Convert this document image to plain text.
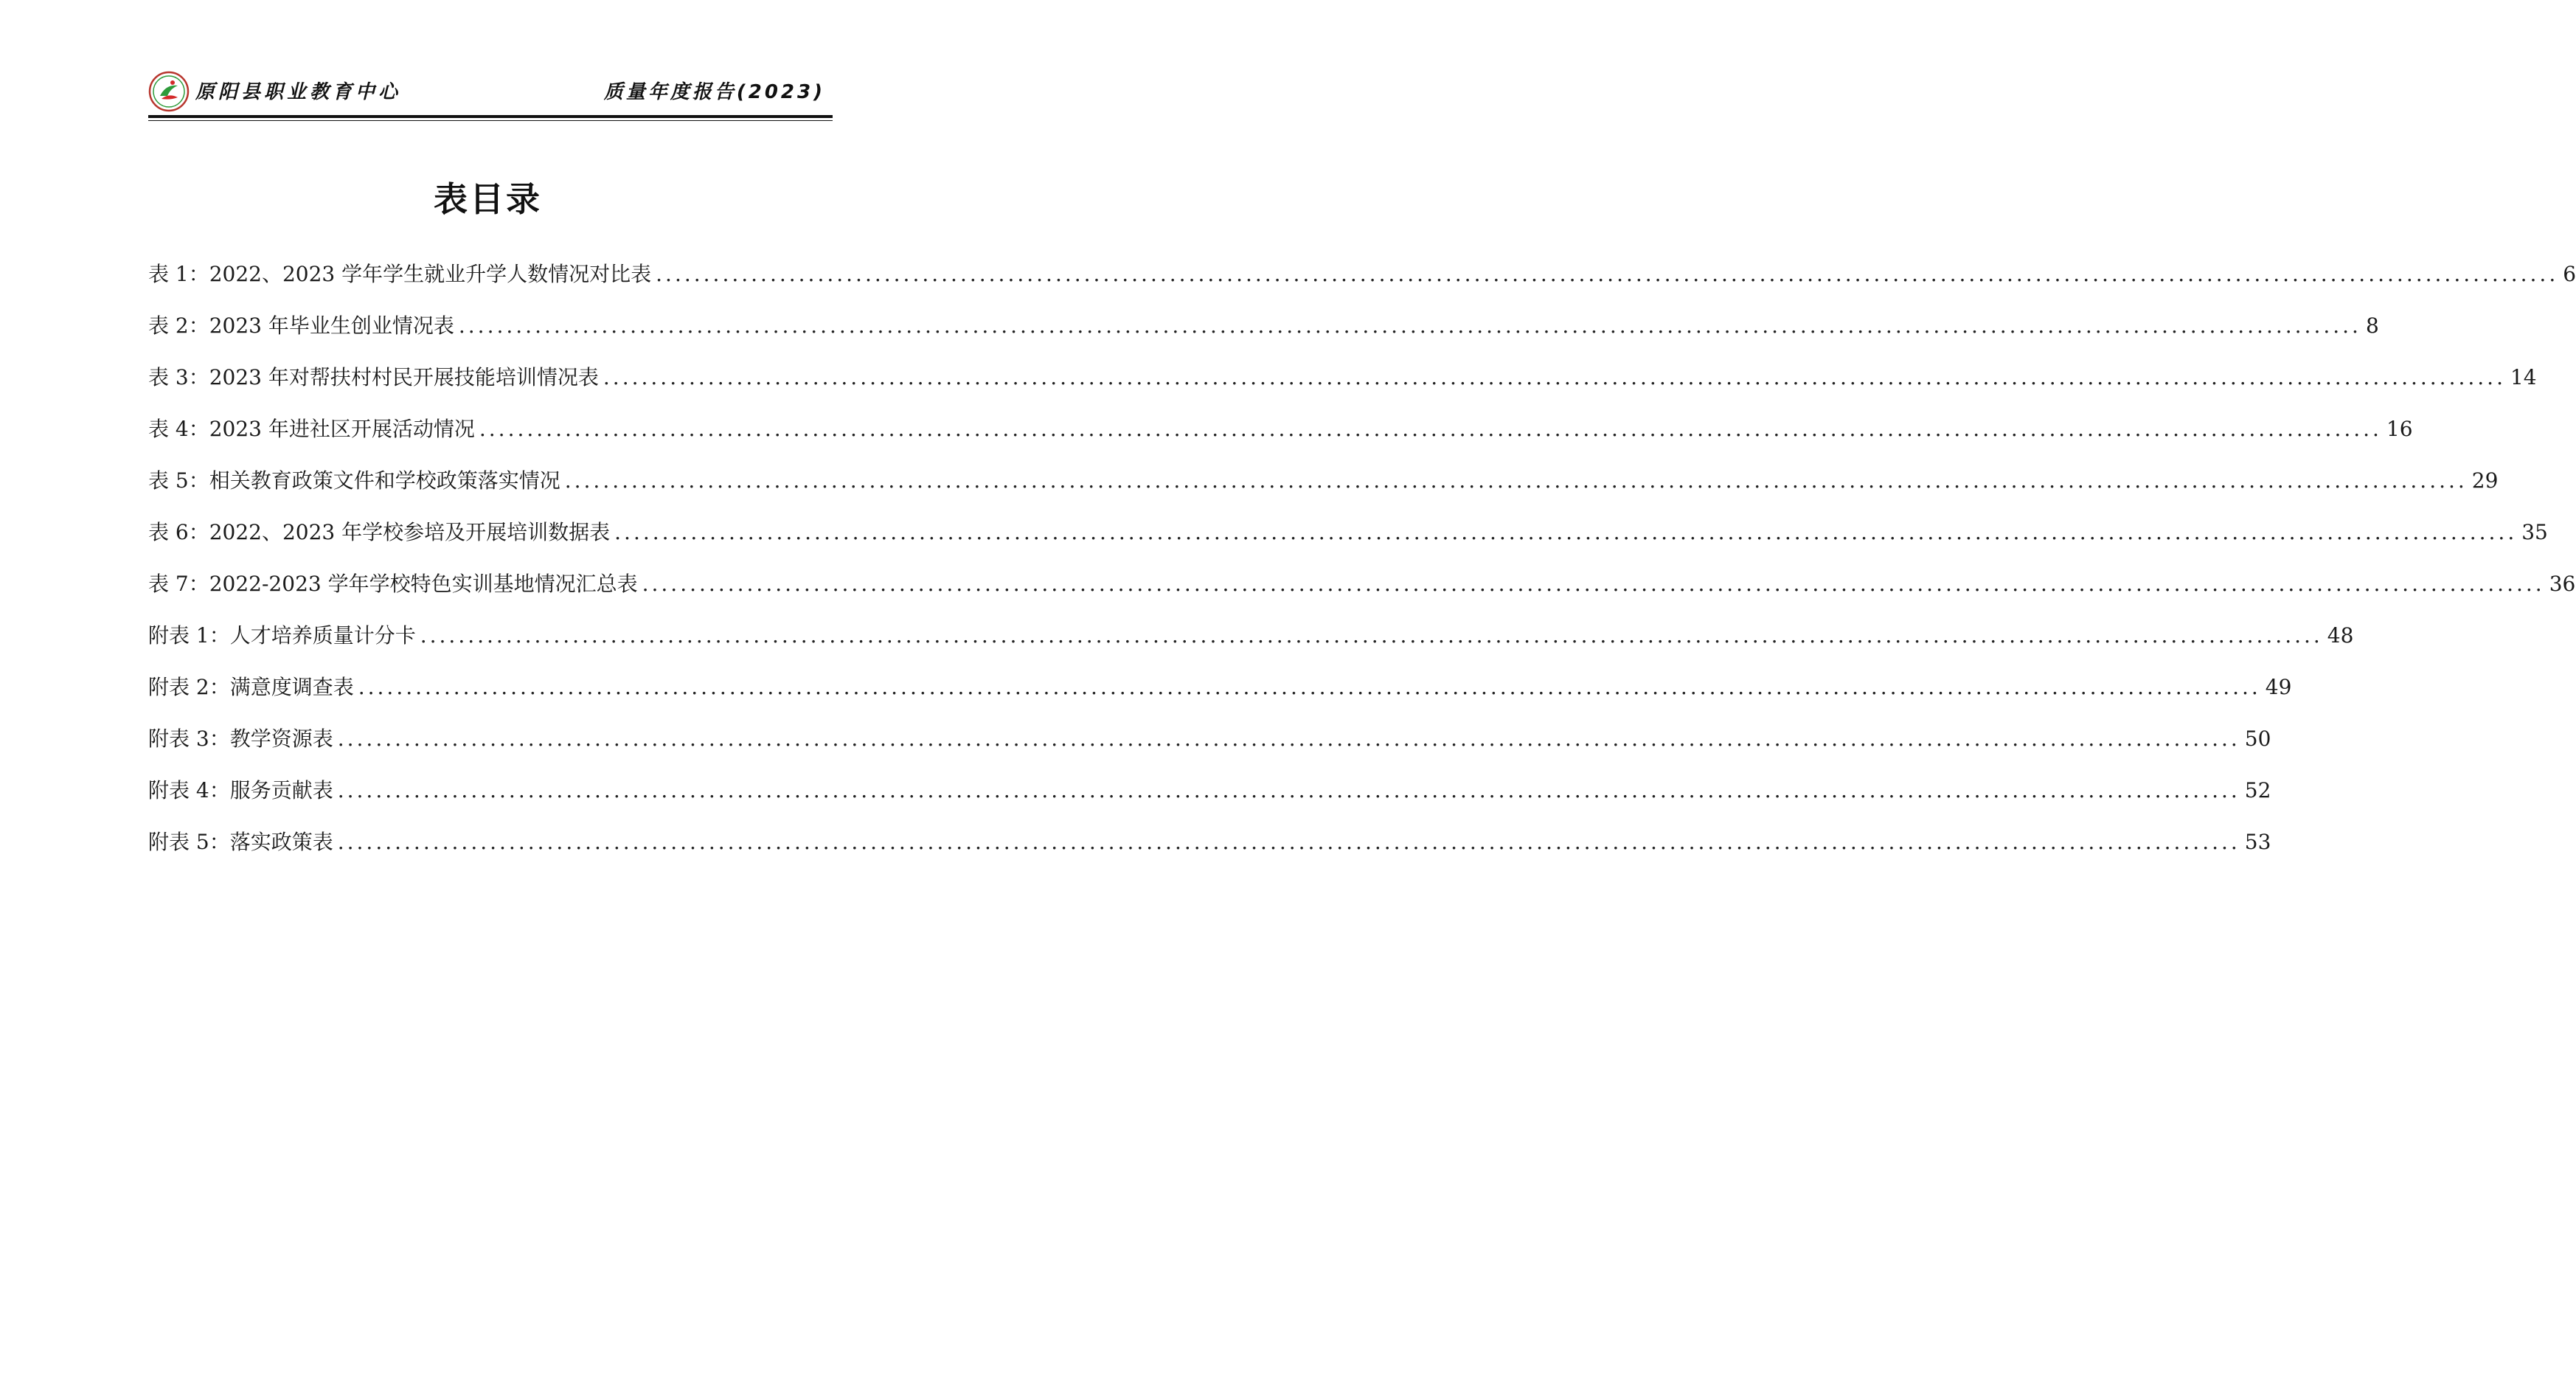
原阳县职业教育中心	质量年度报告(2023)
表目录
表 1：2022、2023 学年学生就业升学人数情况对比表 ........................................................................................................................................................................................................ 6
表 2：2023 年毕业生创业情况表 ........................................................................................................................................................................................................ 8
表 3：2023 年对帮扶村村民开展技能培训情况表 ........................................................................................................................................................................................................ 14
表 4：2023 年进社区开展活动情况 ........................................................................................................................................................................................................ 16
表 5：相关教育政策文件和学校政策落实情况 ........................................................................................................................................................................................................ 29
表 6：2022、2023 年学校参培及开展培训数据表 ........................................................................................................................................................................................................ 35
表 7：2022-2023 学年学校特色实训基地情况汇总表 ........................................................................................................................................................................................................ 36
附表 1：人才培养质量计分卡 ........................................................................................................................................................................................................ 48
附表 2：满意度调查表 ........................................................................................................................................................................................................ 49
附表 3：教学资源表 ........................................................................................................................................................................................................ 50
附表 4：服务贡献表 ........................................................................................................................................................................................................ 52
附表 5：落实政策表 ........................................................................................................................................................................................................ 53
